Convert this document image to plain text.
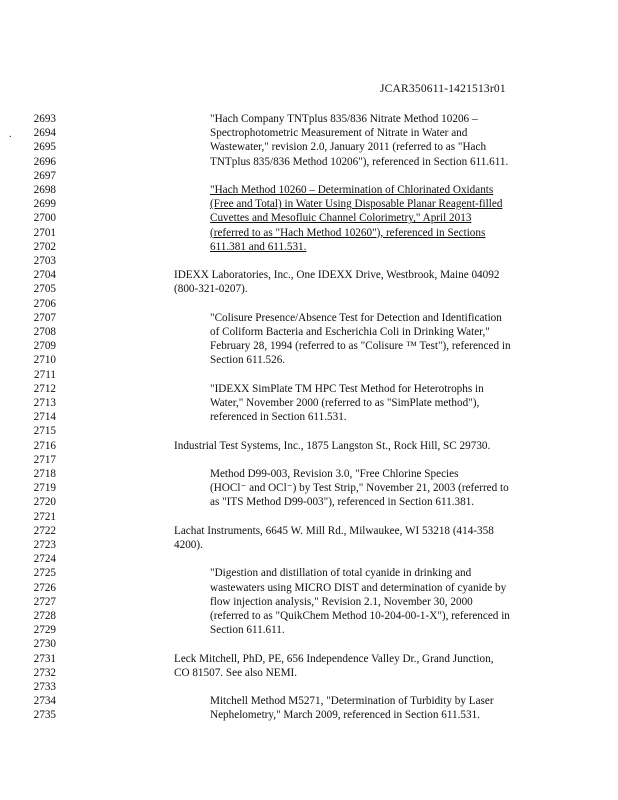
JCAR350611-1421513r01
.
2693	"Hach Company TNTplus 835/836 Nitrate Method 10206 –
2694	Spectrophotometric Measurement of Nitrate in Water and
2695	Wastewater," revision 2.0, January 2011 (referred to as "Hach
2696	TNTplus 835/836 Method 10206"), referenced in Section 611.611.
2697
2698	"Hach Method 10260 – Determination of Chlorinated Oxidants
2699	(Free and Total) in Water Using Disposable Planar Reagent-filled
2700	Cuvettes and Mesofluic Channel Colorimetry," April 2013
2701	(referred to as "Hach Method 10260"), referenced in Sections
2702	611.381 and 611.531.
2703
2704	IDEXX Laboratories, Inc., One IDEXX Drive, Westbrook, Maine 04092
2705	(800-321-0207).
2706
2707	"Colisure Presence/Absence Test for Detection and Identification
2708	of Coliform Bacteria and Escherichia Coli in Drinking Water,"
2709	February 28, 1994 (referred to as "Colisure ™ Test"), referenced in
2710	Section 611.526.
2711
2712	"IDEXX SimPlate TM HPC Test Method for Heterotrophs in
2713	Water," November 2000 (referred to as "SimPlate method"),
2714	referenced in Section 611.531.
2715
2716	Industrial Test Systems, Inc., 1875 Langston St., Rock Hill, SC 29730.
2717
2718	Method D99-003, Revision 3.0, "Free Chlorine Species
2719	(HOCl⁻ and OCl⁻) by Test Strip," November 21, 2003 (referred to
2720	as "ITS Method D99-003"), referenced in Section 611.381.
2721
2722	Lachat Instruments, 6645 W. Mill Rd., Milwaukee, WI 53218 (414-358
2723	4200).
2724
2725	"Digestion and distillation of total cyanide in drinking and
2726	wastewaters using MICRO DIST and determination of cyanide by
2727	flow injection analysis," Revision 2.1, November 30, 2000
2728	(referred to as "QuikChem Method 10-204-00-1-X"), referenced in
2729	Section 611.611.
2730
2731	Leck Mitchell, PhD, PE, 656 Independence Valley Dr., Grand Junction,
2732	CO 81507. See also NEMI.
2733
2734	Mitchell Method M5271, "Determination of Turbidity by Laser
2735	Nephelometry," March 2009, referenced in Section 611.531.
